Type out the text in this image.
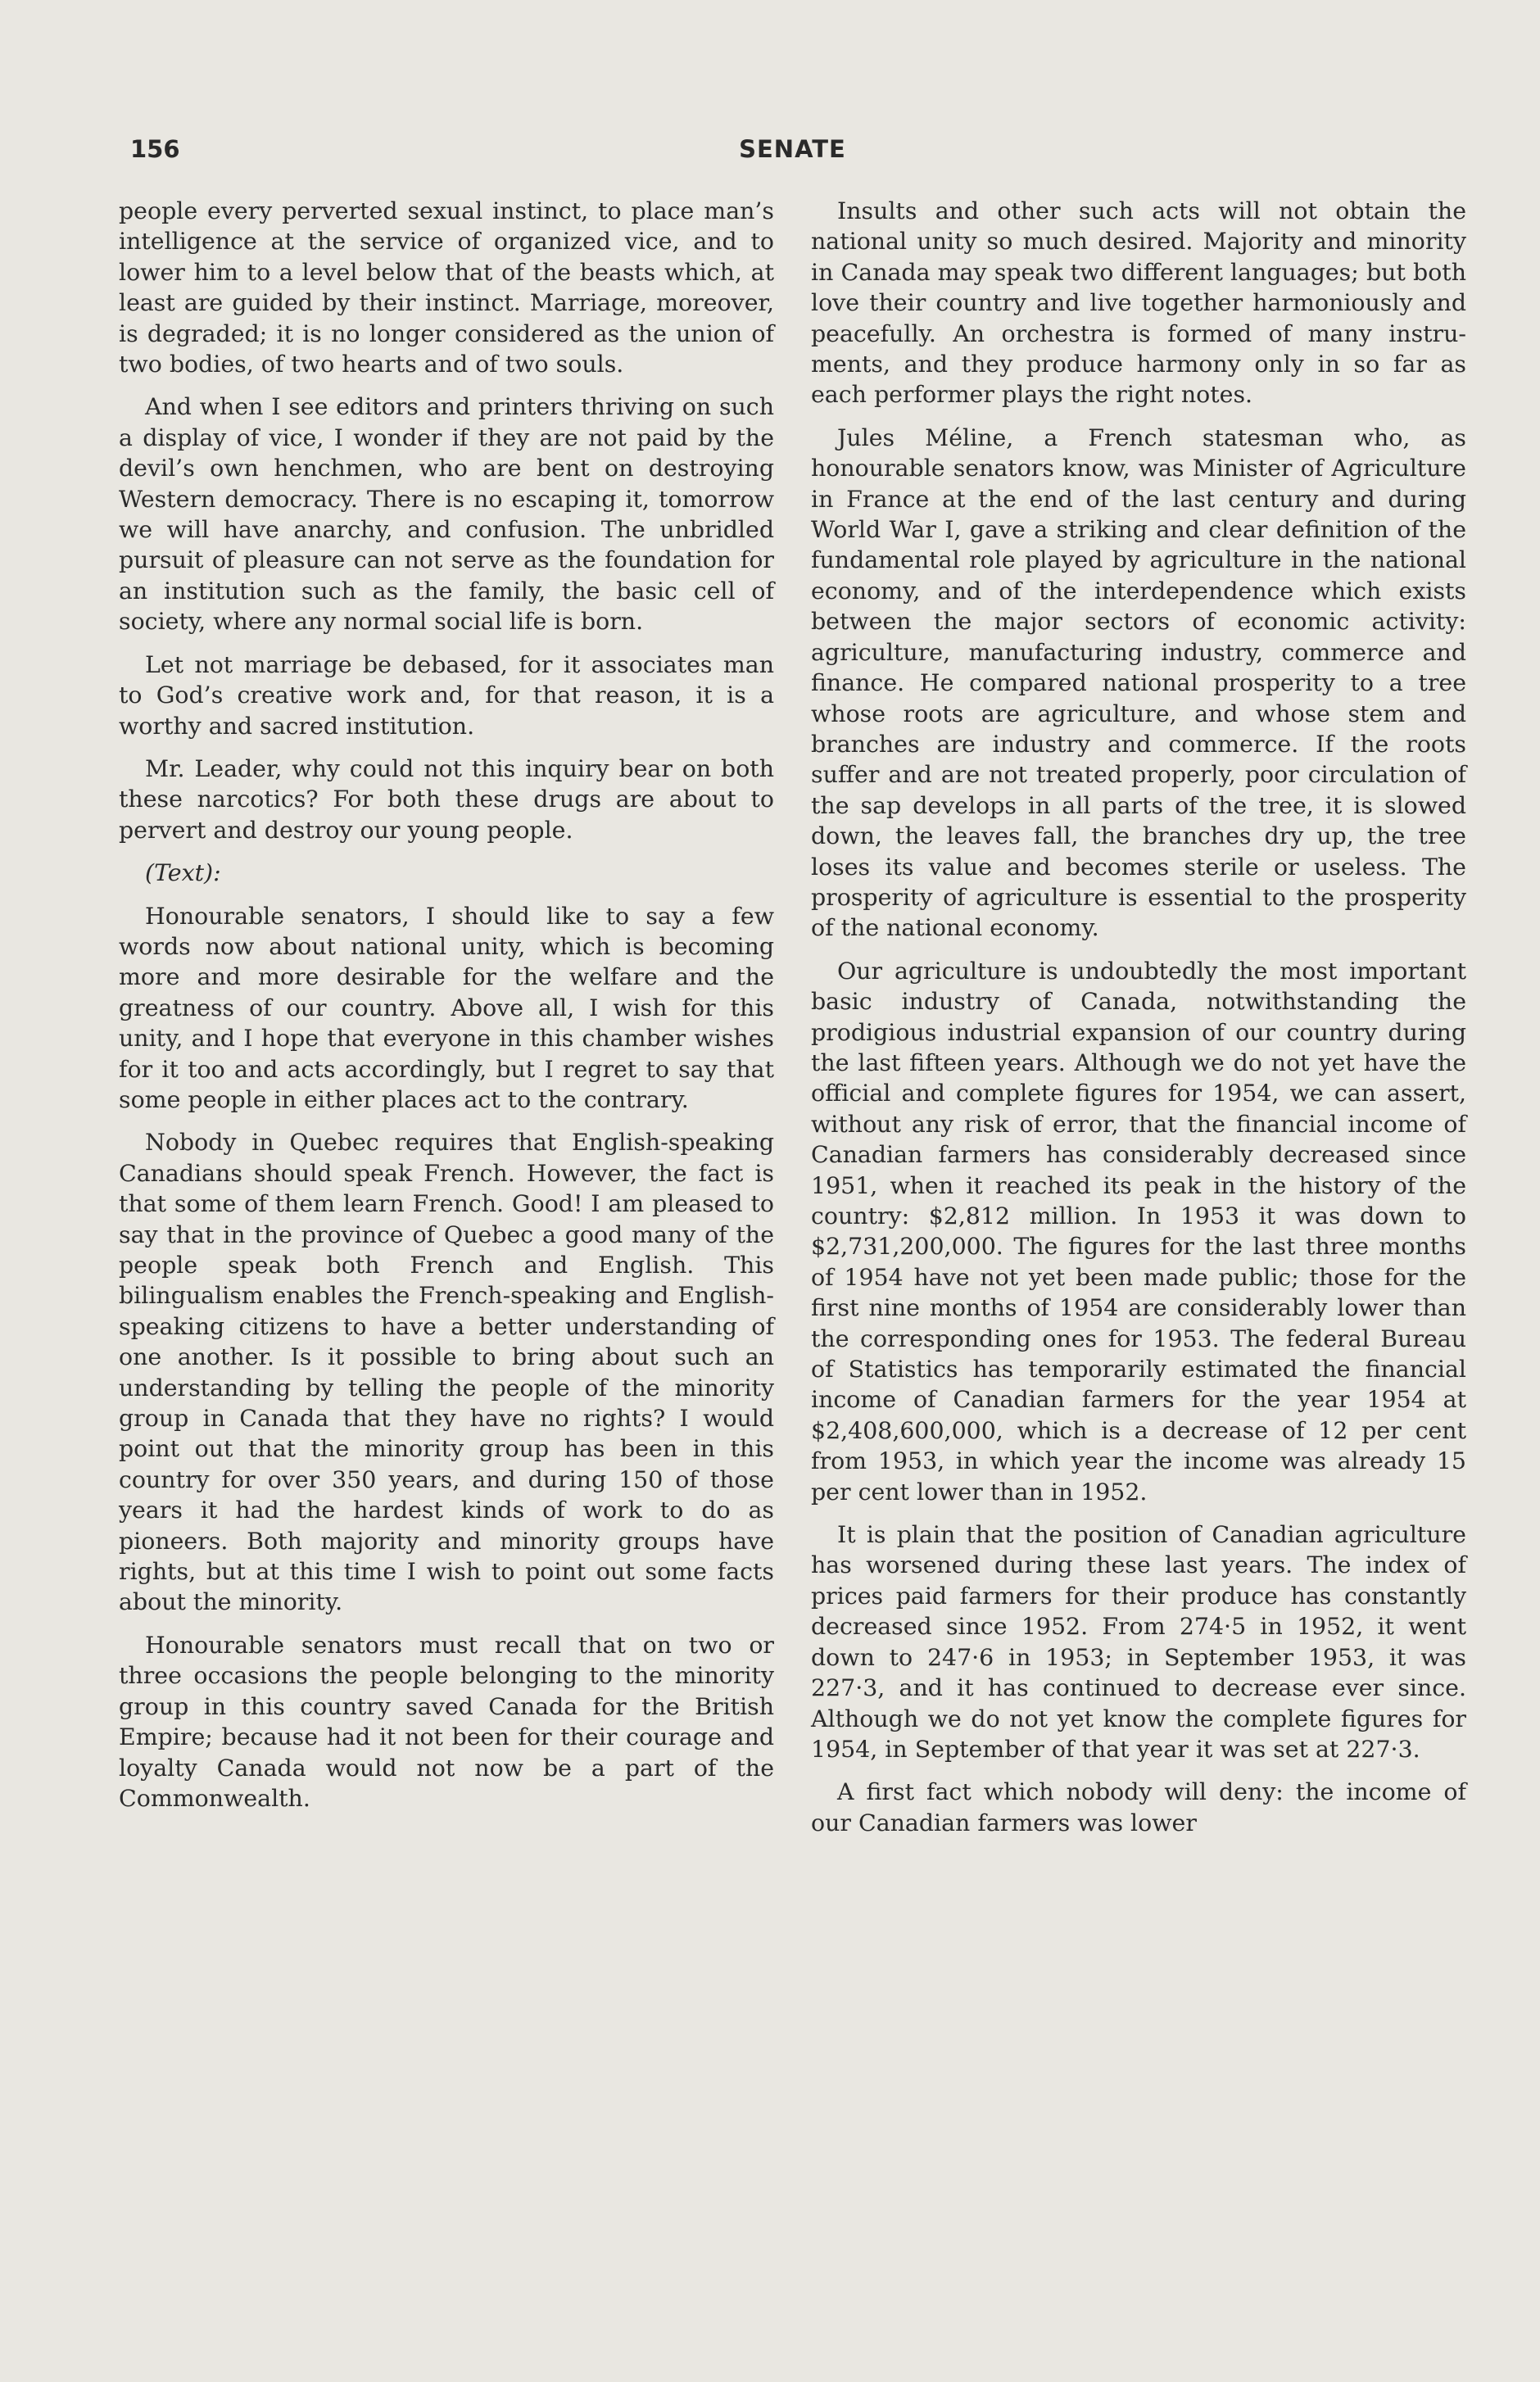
156	SENATE

people every perverted sexual instinct, to place man’s intelligence at the service of organized vice, and to lower him to a level below that of the beasts which, at least are guided by their instinct. Marriage, moreover, is degraded; it is no longer considered as the union of two bodies, of two hearts and of two souls.

And when I see editors and printers thriving on such a display of vice, I wonder if they are not paid by the devil’s own henchmen, who are bent on destroying Western democracy. There is no escaping it, tomorrow we will have anarchy, and confusion. The unbridled pursuit of pleasure can not serve as the foundation for an institution such as the family, the basic cell of society, where any normal social life is born.

Let not marriage be debased, for it associates man to God’s creative work and, for that reason, it is a worthy and sacred institution.

Mr. Leader, why could not this inquiry bear on both these narcotics? For both these drugs are about to pervert and destroy our young people.

(Text):

Honourable senators, I should like to say a few words now about national unity, which is becoming more and more desirable for the welfare and the greatness of our country. Above all, I wish for this unity, and I hope that everyone in this chamber wishes for it too and acts accordingly, but I regret to say that some people in either places act to the contrary.

Nobody in Quebec requires that English-speaking Canadians should speak French. However, the fact is that some of them learn French. Good! I am pleased to say that in the province of Quebec a good many of the people speak both French and English. This bilingualism enables the French-speaking and English-speaking citizens to have a better understanding of one another. Is it possible to bring about such an understanding by telling the people of the minority group in Canada that they have no rights? I would point out that the minority group has been in this country for over 350 years, and during 150 of those years it had the hardest kinds of work to do as pioneers. Both majority and minority groups have rights, but at this time I wish to point out some facts about the minority.

Honourable senators must recall that on two or three occasions the people belonging to the minority group in this country saved Canada for the British Empire; because had it not been for their courage and loyalty Canada would not now be a part of the Commonwealth.

Insults and other such acts will not obtain the national unity so much desired. Majority and minority in Canada may speak two different languages; but both love their country and live together harmoniously and peacefully. An orchestra is formed of many instruments, and they produce harmony only in so far as each performer plays the right notes.

Jules Méline, a French statesman who, as honourable senators know, was Minister of Agriculture in France at the end of the last century and during World War I, gave a striking and clear definition of the fundamental role played by agriculture in the national economy, and of the interdependence which exists between the major sectors of economic activity: agriculture, manufacturing industry, commerce and finance. He compared national prosperity to a tree whose roots are agriculture, and whose stem and branches are industry and commerce. If the roots suffer and are not treated properly, poor circulation of the sap develops in all parts of the tree, it is slowed down, the leaves fall, the branches dry up, the tree loses its value and becomes sterile or useless. The prosperity of agriculture is essential to the prosperity of the national economy.

Our agriculture is undoubtedly the most important basic industry of Canada, notwithstanding the prodigious industrial expansion of our country during the last fifteen years. Although we do not yet have the official and complete figures for 1954, we can assert, without any risk of error, that the financial income of Canadian farmers has considerably decreased since 1951, when it reached its peak in the history of the country: $2,812 million. In 1953 it was down to $2,731,200,000. The figures for the last three months of 1954 have not yet been made public; those for the first nine months of 1954 are considerably lower than the corresponding ones for 1953. The federal Bureau of Statistics has temporarily estimated the financial income of Canadian farmers for the year 1954 at $2,408,600,000, which is a decrease of 12 per cent from 1953, in which year the income was already 15 per cent lower than in 1952.

It is plain that the position of Canadian agriculture has worsened during these last years. The index of prices paid farmers for their produce has constantly decreased since 1952. From 274·5 in 1952, it went down to 247·6 in 1953; in September 1953, it was 227·3, and it has continued to decrease ever since. Although we do not yet know the complete figures for 1954, in September of that year it was set at 227·3.

A first fact which nobody will deny: the income of our Canadian farmers was lower
